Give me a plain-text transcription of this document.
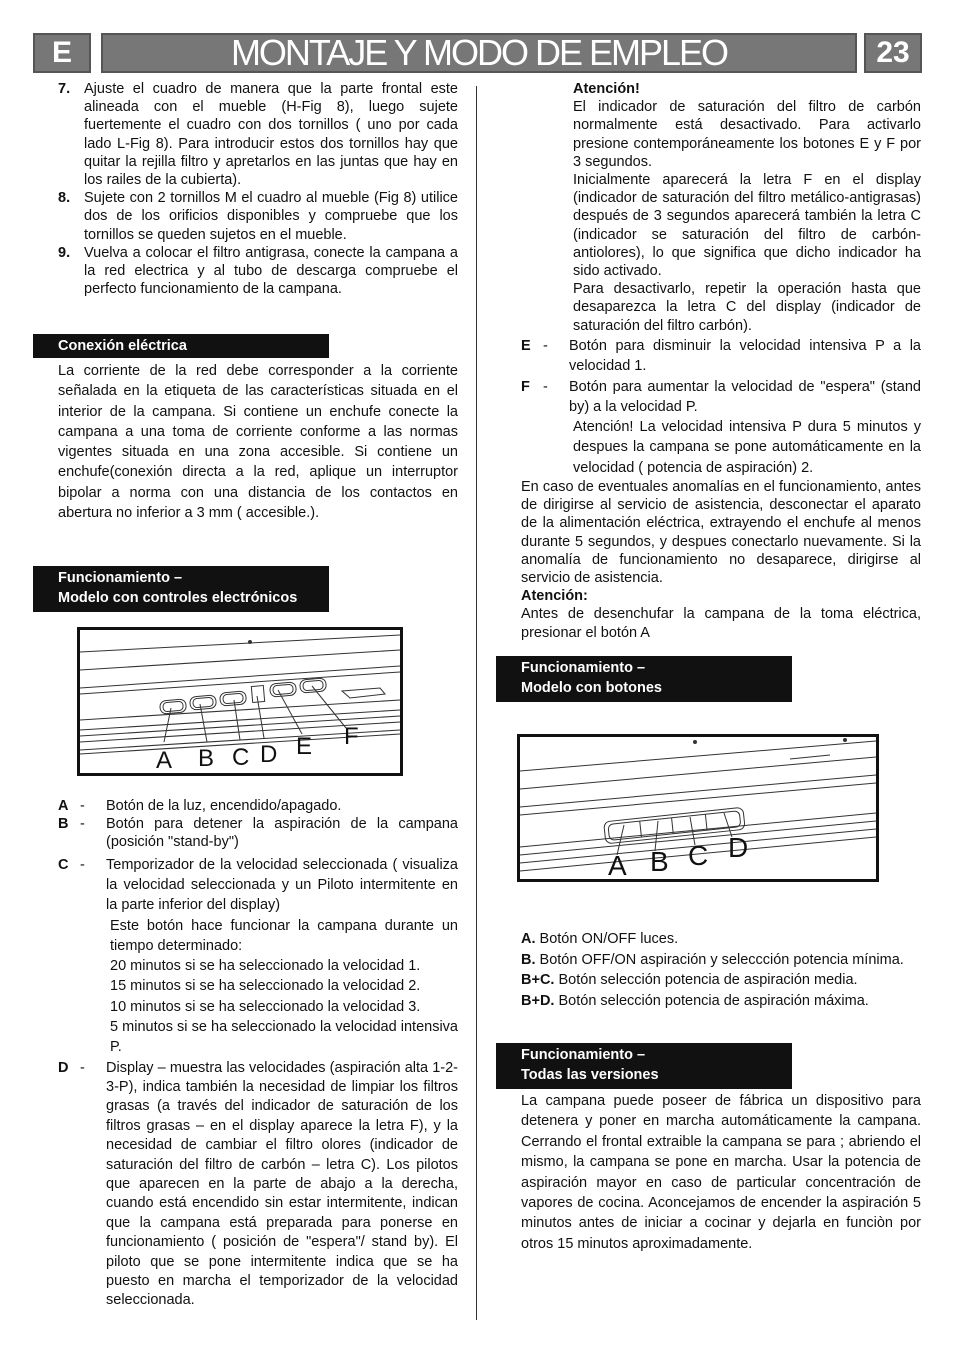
E	MONTAJE Y MODO DE EMPLEO	23
7. Ajuste el cuadro de manera que la parte frontal este alineada con el mueble (H-Fig 8), luego sujete fuertemente el cuadro con dos tornillos ( uno por cada lado L-Fig 8). Para introducir estos dos tornillos hay que quitar la rejilla filtro y apretarlos en las juntas que hay en los railes de la cubierta).
8. Sujete con 2 tornillos M el cuadro al mueble (Fig 8) utilice dos de los orificios disponibles y compruebe que los tornillos se queden sujetos en el mueble.
9. Vuelva a colocar el filtro antigrasa, conecte la campana a la red electrica y al tubo de descarga compruebe el perfecto funcionamiento de la campana.
Conexión eléctrica

La corriente de la red debe corresponder a la corriente señalada en la etiqueta de las características situada en el interior de la campana. Si contiene un enchufe conecte la campana a una toma de corriente conforme a las normas vigentes situada en una zona accesible. Si contiene un enchufe(conexión directa a la red, aplique un interruptor bipolar a norma con una distancia de los contactos en abertura no inferior a 3 mm ( accesible.).

Funcionamiento –
Modelo con controles electrónicos
A B C D E F
A -	Botón de la luz, encendido/apagado.
B -	Botón para detener la aspiración de la campana (posición "stand-by")
C -	Temporizador de la velocidad seleccionada ( visualiza la velocidad seleccionada y un Piloto intermitente en la parte inferior del display)

Este botón hace funcionar la campana durante un tiempo determinado:

20 minutos si se ha seleccionado la velocidad 1.

15 minutos si se ha seleccionado la velocidad 2.

10 minutos si se ha seleccionado la velocidad 3.

5 minutos si se ha seleccionado la velocidad intensiva P.

D -	Display – muestra las velocidades (aspiración alta 1-2-3-P), indica también la necesidad de limpiar los filtros grasas (a través del indicador de saturación de los filtros grasas – en el display aparece la letra F), y la necesidad de cambiar el filtro olores (indicador de saturación del filtro de carbón – letra C). Los pilotos que aparecen en la parte de abajo a la derecha, cuando está encendido sin estar intermitente, indican que la campana está preparada para ponerse en funcionamiento ( posición de "espera"/ stand by). El piloto que se pone intermitente indica que se ha puesto en marcha el temporizador de la velocidad seleccionada.

Atención!

El indicador de saturación del filtro de carbón normalmente está desactivado. Para activarlo presione contemporáneamente los botones E y F por 3 segundos.

Inicialmente aparecerá la letra F en el display (indicador de saturación del filtro metálico-antigrasas) después de 3 segundos aparecerá también la letra C (indicador se saturación del filtro de carbón-antiolores), lo que significa que dicho indicador ha sido activado.

Para desactivarlo, repetir la operación hasta que desaparezca la letra C del display (indicador de saturación del filtro carbón).

E -	Botón para disminuir la velocidad intensiva P a la velocidad 1.
F -	Botón para aumentar la velocidad de "espera" (stand by) a la velocidad P.

Atención! La velocidad intensiva P dura 5 minutos y despues la campana se pone automáticamente en la velocidad ( potencia de aspiración) 2.

En caso de eventuales anomalías en el funcionamiento, antes de dirigirse al servicio de asistencia, desconectar el aparato de la alimentación eléctrica, extrayendo el enchufe al menos durante 5 segundos, y despues conectarlo nuevamente. Si la anomalía de funcionamiento no desaparece, dirigirse al servicio de asistencia.

Atención:

Antes de desenchufar la campana de la toma eléctrica, presionar el botón A

Funcionamiento –
Modelo con botones
A B C D

A. Botón ON/OFF luces.

B. Botón OFF/ON aspiración y seleccción potencia mínima.

B+C. Botón selección potencia de aspiración media.

B+D. Botón selección potencia de aspiración máxima.

Funcionamiento –
Todas las versiones

La campana puede poseer de fábrica un dispositivo para detenera y poner en marcha automáticamente la campana. Cerrando el frontal extraible la campana se para ; abriendo el mismo, la campana se pone en marcha. Usar la potencia de aspiración mayor en caso de particular concentración de vapores de cocina. Aconcejamos de encender la aspiración 5 minutos antes de iniciar a cocinar y dejarla en funciòn por otros 15 minutos aproximadamente.
